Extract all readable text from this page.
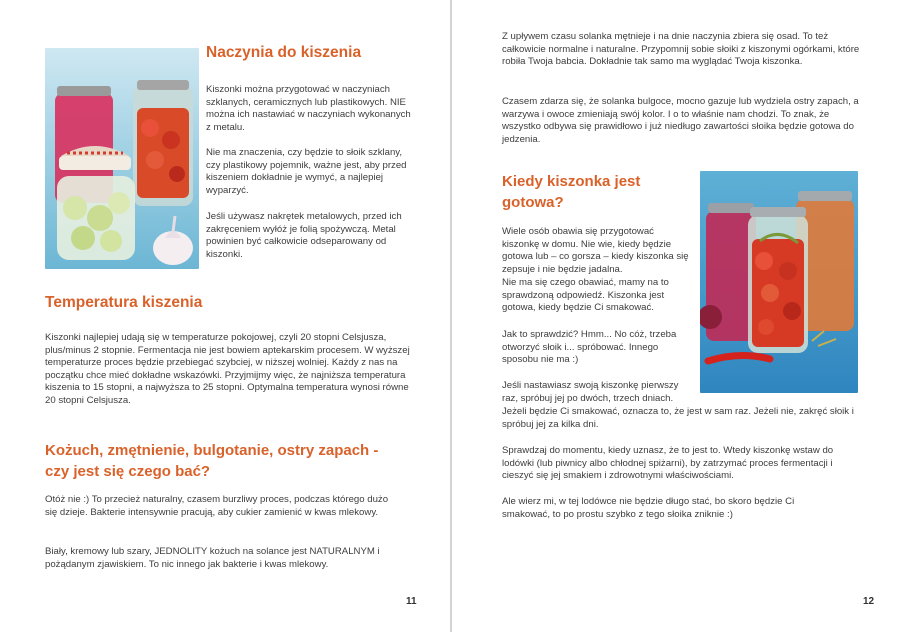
Naczynia do kiszenia
Kiszonki można przygotować w naczyniach szklanych, ceramicznych lub plastikowych. NIE można ich nastawiać w naczyniach wykonanych z metalu.
Nie ma znaczenia, czy będzie to słoik szklany, czy plastikowy pojemnik, ważne jest, aby przed kiszeniem dokładnie je wymyć, a najlepiej wyparzyć.
Jeśli używasz nakrętek metalowych, przed ich zakręceniem wyłóż je folią spożywczą. Metal powinien być całkowicie odseparowany od kiszonki.
Temperatura kiszenia
Kiszonki najlepiej udają się w temperaturze pokojowej, czyli 20 stopni Celsjusza, plus/minus 2 stopnie. Fermentacja nie jest bowiem aptekarskim procesem. W wyższej temperaturze proces będzie przebiegać szybciej, w niższej wolniej. Każdy z nas na początku chce mieć dokładne wskazówki. Przyjmijmy więc, że najniższa temperatura kiszenia to 15 stopni, a najwyższa to 25 stopni. Optymalna temperatura wynosi równe 20 stopni Celsjusza.
Kożuch, zmętnienie, bulgotanie, ostry zapach - czy jest się czego bać?
Otóż nie :) To przecież naturalny, czasem burzliwy proces, podczas którego dużo się dzieje. Bakterie intensywnie pracują, aby cukier zamienić w kwas mlekowy.
Biały, kremowy lub szary, JEDNOLITY kożuch na solance jest NATURALNYM i pożądanym zjawiskiem. To nic innego jak bakterie i kwas mlekowy.
11
Z upływem czasu solanka mętnieje i na dnie naczynia zbiera się osad. To też całkowicie normalne i naturalne. Przypomnij sobie słoiki z kiszonymi ogórkami, które robiła Twoja babcia. Dokładnie tak samo ma wyglądać Twoja kiszonka.
Czasem zdarza się, że solanka bulgoce, mocno gazuje lub wydziela ostry zapach, a warzywa i owoce zmieniają swój kolor. I o to właśnie nam chodzi. To znak, że wszystko odbywa się prawidłowo i już niedługo zawartości słoika będzie gotowa do jedzenia.
Kiedy kiszonka jest gotowa?
Wiele osób obawia się przygotować kiszonkę w domu. Nie wie, kiedy będzie gotowa lub – co gorsza – kiedy kiszonka się zepsuje i nie będzie jadalna.
Nie ma się czego obawiać, mamy na to sprawdzoną odpowiedź. Kiszonka jest gotowa, kiedy będzie Ci smakować.
Jak to sprawdzić? Hmm... No cóż, trzeba otworzyć słoik i... spróbować. Innego sposobu nie ma :)
Jeśli nastawiasz swoją kiszonkę pierwszy raz, spróbuj jej po dwóch, trzech dniach.
Jeżeli będzie Ci smakować, oznacza to, że jest w sam raz. Jeżeli nie, zakręć słoik i spróbuj jej za kilka dni.
Sprawdzaj do momentu, kiedy uznasz, że to jest to. Wtedy kiszonkę wstaw do lodówki (lub piwnicy albo chłodnej spiżarni), by zatrzymać proces fermentacji i cieszyć się jej smakiem i zdrowotnymi właściwościami.
Ale wierz mi, w tej lodówce nie będzie długo stać, bo skoro będzie Ci smakować, to po prostu szybko z tego słoika zniknie :)
12
